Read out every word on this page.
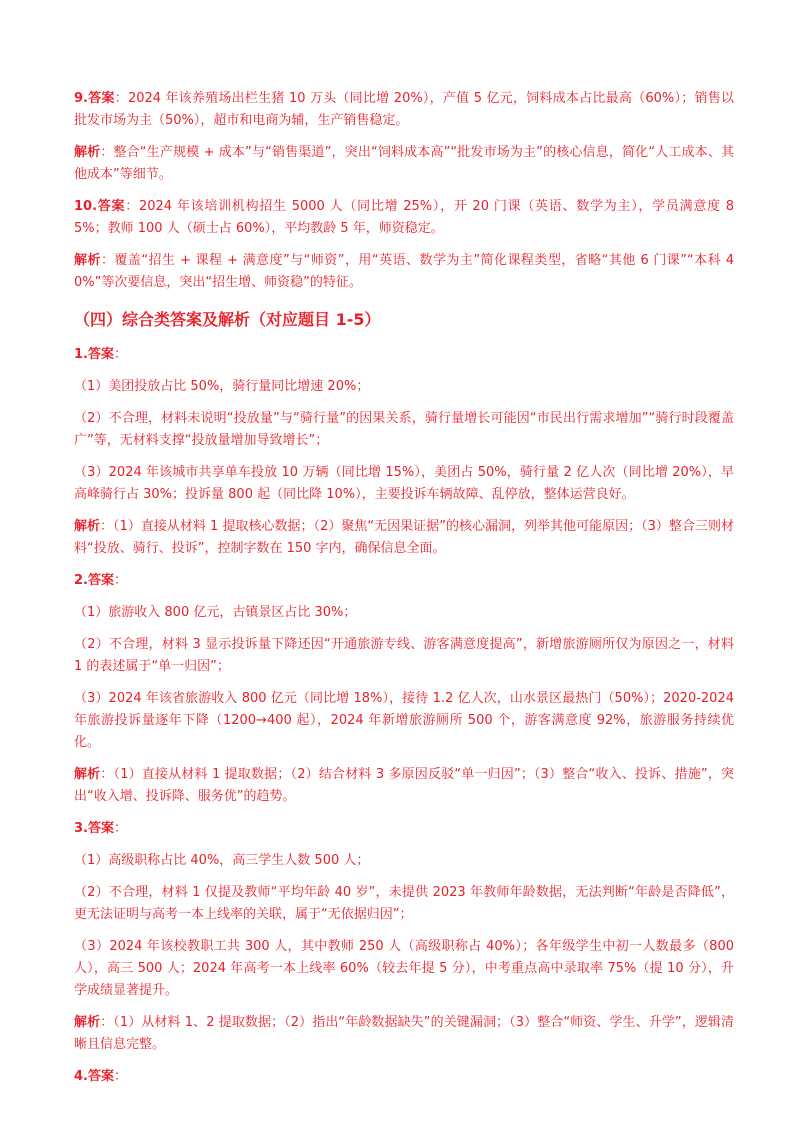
9.答案：2024 年该养殖场出栏生猪 10 万头（同比增 20%），产值 5 亿元，饲料成本占比最高（60%）；销售以批发市场为主（50%），超市和电商为辅，生产销售稳定。

解析：整合“生产规模 + 成本”与“销售渠道”，突出“饲料成本高”“批发市场为主”的核心信息，简化“人工成本、其他成本”等细节。

10.答案：2024 年该培训机构招生 5000 人（同比增 25%），开 20 门课（英语、数学为主），学员满意度 85%；教师 100 人（硕士占 60%），平均教龄 5 年，师资稳定。

解析：覆盖“招生 + 课程 + 满意度”与“师资”，用“英语、数学为主”简化课程类型，省略“其他 6 门课”“本科 40%”等次要信息，突出“招生增、师资稳”的特征。

（四）综合类答案及解析（对应题目 1-5）

1.答案：

（1）美团投放占比 50%，骑行量同比增速 20%；

（2）不合理，材料未说明“投放量”与“骑行量”的因果关系，骑行量增长可能因“市民出行需求增加”“骑行时段覆盖广”等，无材料支撑“投放量增加导致增长”；

（3）2024 年该城市共享单车投放 10 万辆（同比增 15%），美团占 50%，骑行量 2 亿人次（同比增 20%），早高峰骑行占 30%；投诉量 800 起（同比降 10%），主要投诉车辆故障、乱停放，整体运营良好。

解析：（1）直接从材料 1 提取核心数据；（2）聚焦“无因果证据”的核心漏洞，列举其他可能原因；（3）整合三则材料“投放、骑行、投诉”，控制字数在 150 字内，确保信息全面。

2.答案：

（1）旅游收入 800 亿元，古镇景区占比 30%；

（2）不合理，材料 3 显示投诉量下降还因“开通旅游专线、游客满意度提高”，新增旅游厕所仅为原因之一，材料 1 的表述属于“单一归因”；

（3）2024 年该省旅游收入 800 亿元（同比增 18%），接待 1.2 亿人次，山水景区最热门（50%）；2020-2024 年旅游投诉量逐年下降（1200→400 起），2024 年新增旅游厕所 500 个，游客满意度 92%，旅游服务持续优化。

解析：（1）直接从材料 1 提取数据；（2）结合材料 3 多原因反驳“单一归因”；（3）整合“收入、投诉、措施”，突出“收入增、投诉降、服务优”的趋势。

3.答案：

（1）高级职称占比 40%，高三学生人数 500 人；

（2）不合理，材料 1 仅提及教师“平均年龄 40 岁”，未提供 2023 年教师年龄数据，无法判断“年龄是否降低”，更无法证明与高考一本上线率的关联，属于“无依据归因”；

（3）2024 年该校教职工共 300 人，其中教师 250 人（高级职称占 40%）；各年级学生中初一人数最多（800 人），高三 500 人；2024 年高考一本上线率 60%（较去年提 5 分），中考重点高中录取率 75%（提 10 分），升学成绩显著提升。

解析：（1）从材料 1、2 提取数据；（2）指出“年龄数据缺失”的关键漏洞；（3）整合“师资、学生、升学”，逻辑清晰且信息完整。

4.答案：
